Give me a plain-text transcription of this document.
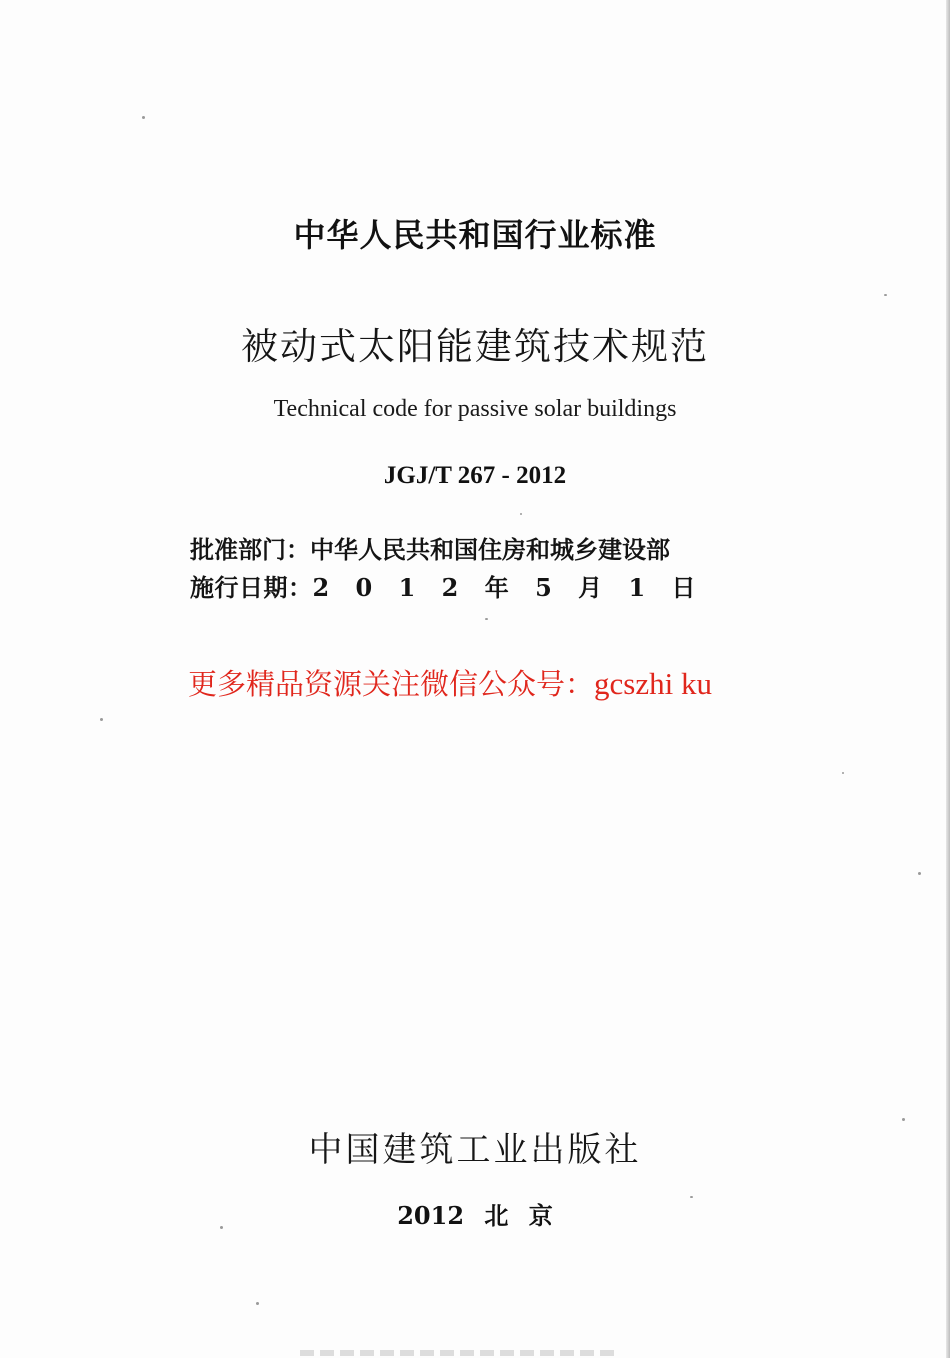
中华人民共和国行业标准
被动式太阳能建筑技术规范
Technical code for passive solar buildings
JGJ/T 267 - 2012
批准部门：中华人民共和国住房和城乡建设部
施行日期：2 0 1 2 年 5 月 1 日
更多精品资源关注微信公众号：gcszhi ku
中国建筑工业出版社
2012 北 京
